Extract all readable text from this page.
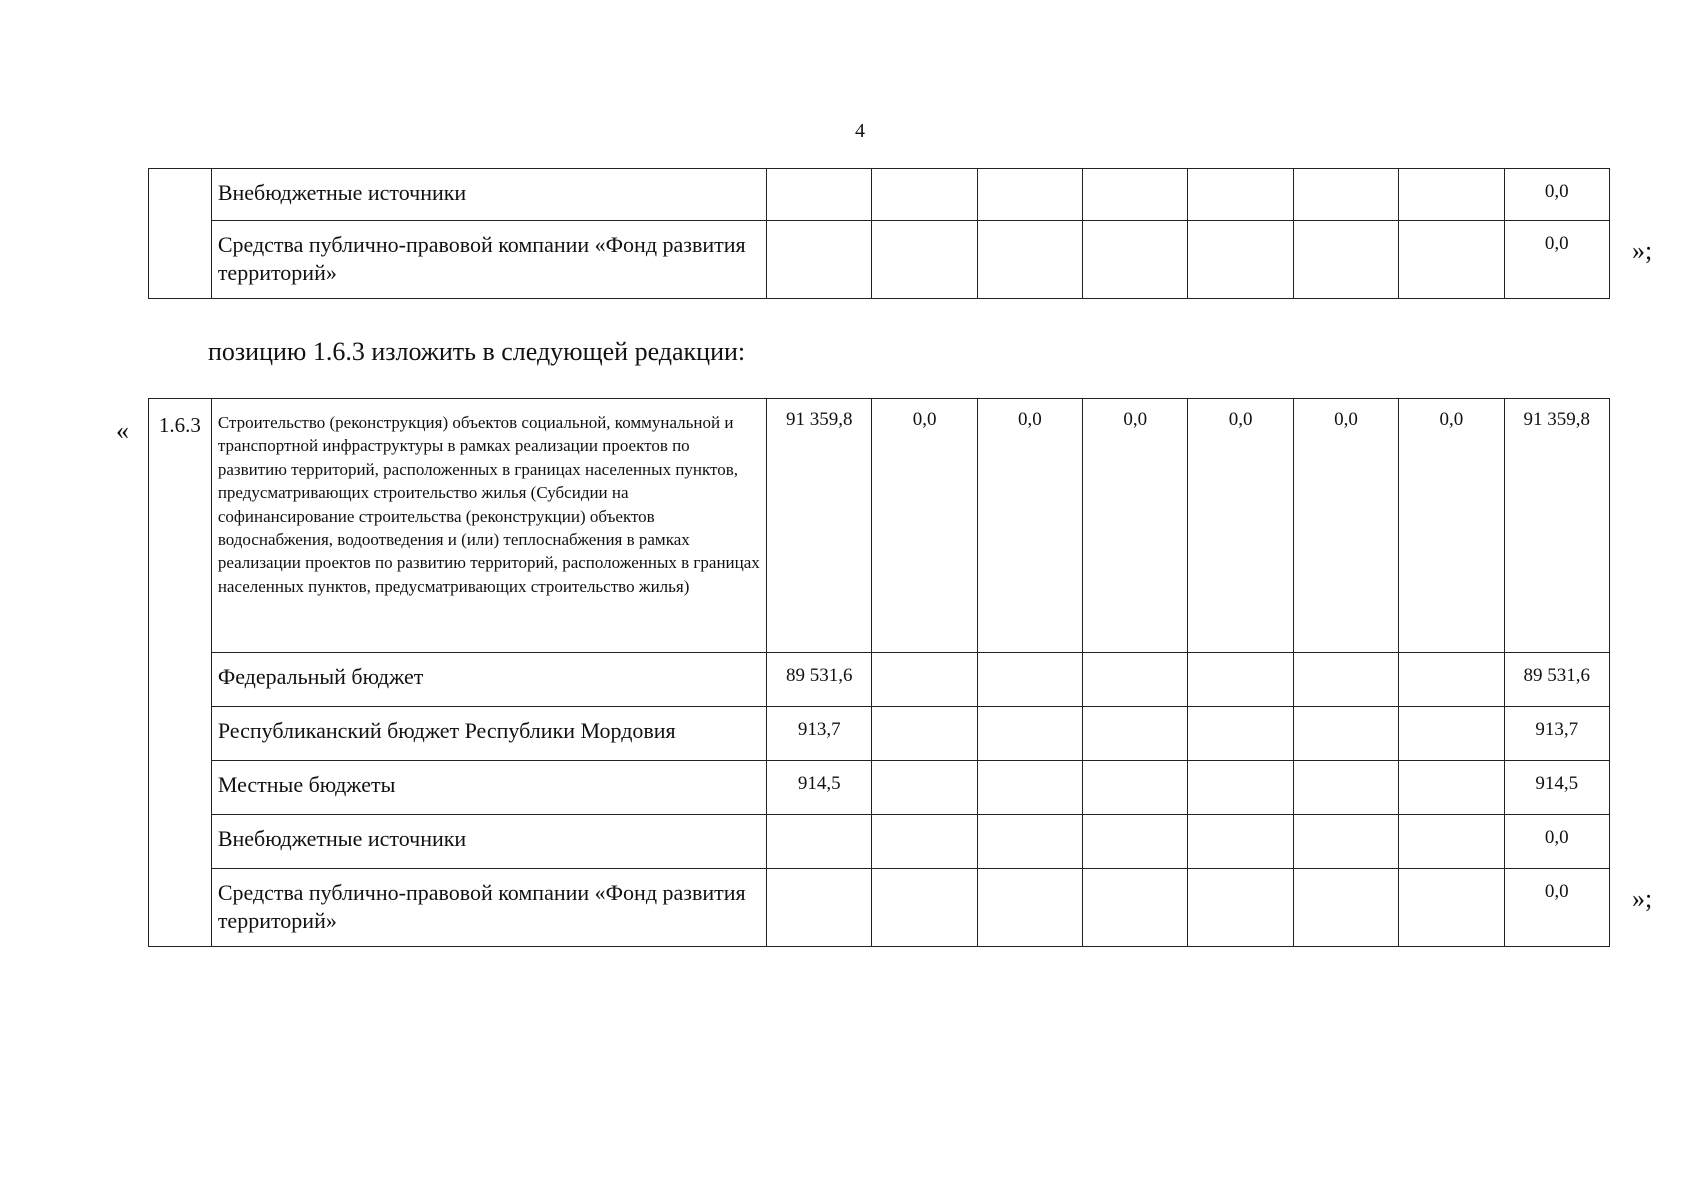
4
	Внебюджетные источники								0,0
	Средства публично-правовой компании «Фонд развития территорий»								0,0 »;
позицию 1.6.3 изложить в следующей редакции:
« 1.6.3	Строительство (реконструкция) объектов социальной, коммунальной и транспортной инфраструктуры в рамках реализации проектов по развитию территорий, расположенных в границах населенных пунктов, предусматривающих строительство жилья (Субсидии на софинансирование строительства (реконструкции) объектов водоснабжения, водоотведения и (или) теплоснабжения в рамках реализации проектов по развитию территорий, расположенных в границах населенных пунктов, предусматривающих строительство жилья)	91 359,8	0,0	0,0	0,0	0,0	0,0	0,0	91 359,8
	Федеральный бюджет	89 531,6							89 531,6
	Республиканский бюджет Республики Мордовия	913,7							913,7
	Местные бюджеты	914,5							914,5
	Внебюджетные источники								0,0
	Средства публично-правовой компании «Фонд развития территорий»								0,0 »;
